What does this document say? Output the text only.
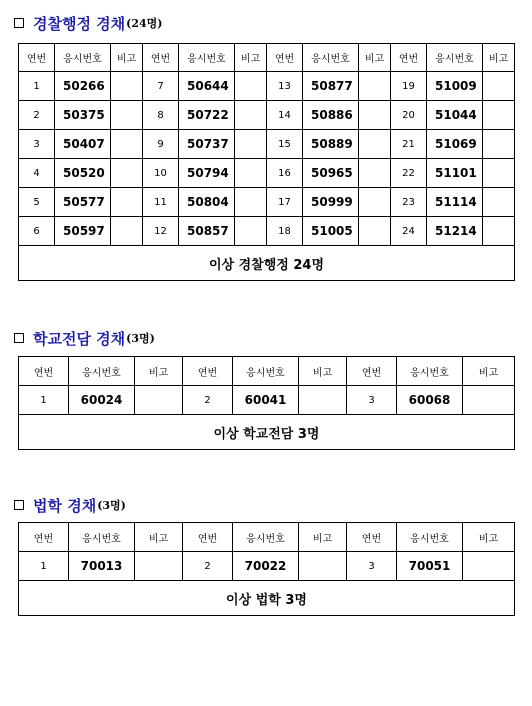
경찰행정 경채 (24명)
연번	응시번호	비고	연번	응시번호	비고	연번	응시번호	비고	연번	응시번호	비고
1	50266		7	50644		13	50877		19	51009	
2	50375		8	50722		14	50886		20	51044	
3	50407		9	50737		15	50889		21	51069	
4	50520		10	50794		16	50965		22	51101	
5	50577		11	50804		17	50999		23	51114	
6	50597		12	50857		18	51005		24	51214	
이상 경찰행정 24명											
학교전담 경채 (3명)
연번	응시번호	비고	연번	응시번호	비고	연번	응시번호	비고
1	60024		2	60041		3	60068	
이상 학교전담 3명								
법학 경채 (3명)
연번	응시번호	비고	연번	응시번호	비고	연번	응시번호	비고
1	70013		2	70022		3	70051	
이상 법학 3명								
